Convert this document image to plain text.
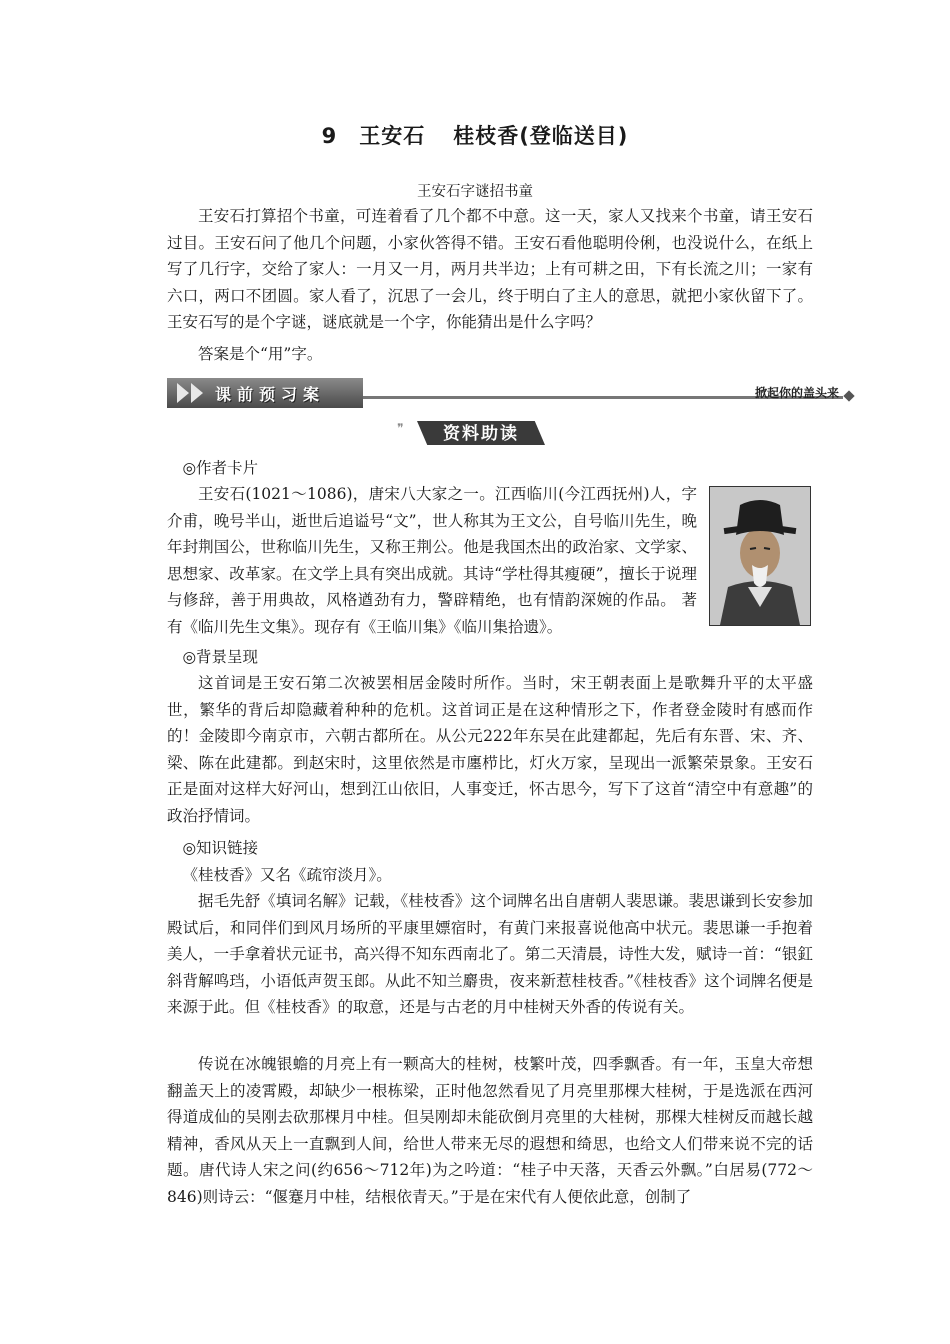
9 王安石 桂枝香(登临送目)
王安石字谜招书童
王安石打算招个书童，可连着看了几个都不中意。这一天，家人又找来个书童，请王安石过目。王安石问了他几个问题，小家伙答得不错。王安石看他聪明伶俐，也没说什么，在纸上写了几行字，交给了家人：一月又一月，两月共半边；上有可耕之田，下有长流之川；一家有六口，两口不团圆。家人看了，沉思了一会儿，终于明白了主人的意思，就把小家伙留下了。王安石写的是个字谜，谜底就是一个字，你能猜出是什么字吗？
答案是个“用”字。
课前预习案	掀起你的盖头来
❞	资料助读
◎作者卡片
王安石(1021～1086)，唐宋八大家之一。江西临川(今江西抚州)人，字介甫，晚号半山，逝世后追谥号“文”，世人称其为王文公，自号临川先生，晚年封荆国公，世称临川先生，又称王荆公。他是我国杰出的政治家、文学家、思想家、改革家。在文学上具有突出成就。其诗“学杜得其瘦硬”，擅长于说理与修辞，善于用典故，风格遒劲有力，警辟精绝，也有情韵深婉的作品。 著有《临川先生文集》。现存有《王临川集》《临川集拾遗》。
◎背景呈现
这首词是王安石第二次被罢相居金陵时所作。当时，宋王朝表面上是歌舞升平的太平盛世，繁华的背后却隐藏着种种的危机。这首词正是在这种情形之下，作者登金陵时有感而作的！金陵即今南京市，六朝古都所在。从公元222年东吴在此建都起，先后有东晋、宋、齐、梁、陈在此建都。到赵宋时，这里依然是市廛栉比，灯火万家，呈现出一派繁荣景象。王安石正是面对这样大好河山，想到江山依旧，人事变迁，怀古思今，写下了这首“清空中有意趣”的政治抒情词。
◎知识链接
《桂枝香》又名《疏帘淡月》。
据毛先舒《填词名解》记载，《桂枝香》这个词牌名出自唐朝人裴思谦。裴思谦到长安参加殿试后，和同伴们到风月场所的平康里嫖宿时，有黄门来报喜说他高中状元。裴思谦一手抱着美人，一手拿着状元证书，高兴得不知东西南北了。第二天清晨，诗性大发，赋诗一首：“银釭斜背解鸣珰，小语低声贺玉郎。从此不知兰麝贵，夜来新惹桂枝香。”《桂枝香》这个词牌名便是来源于此。但《桂枝香》的取意，还是与古老的月中桂树天外香的传说有关。
传说在冰魄银蟾的月亮上有一颗高大的桂树，枝繁叶茂，四季飘香。有一年，玉皇大帝想翻盖天上的凌霄殿，却缺少一根栋梁，正时他忽然看见了月亮里那棵大桂树，于是选派在西河得道成仙的吴刚去砍那棵月中桂。但吴刚却未能砍倒月亮里的大桂树，那棵大桂树反而越长越精神，香风从天上一直飘到人间，给世人带来无尽的遐想和绮思，也给文人们带来说不完的话题。唐代诗人宋之问(约656～712年)为之吟道：“桂子中天落，天香云外飘。”白居易(772～846)则诗云：“偃蹇月中桂，结根依青天。”于是在宋代有人便依此意，创制了
